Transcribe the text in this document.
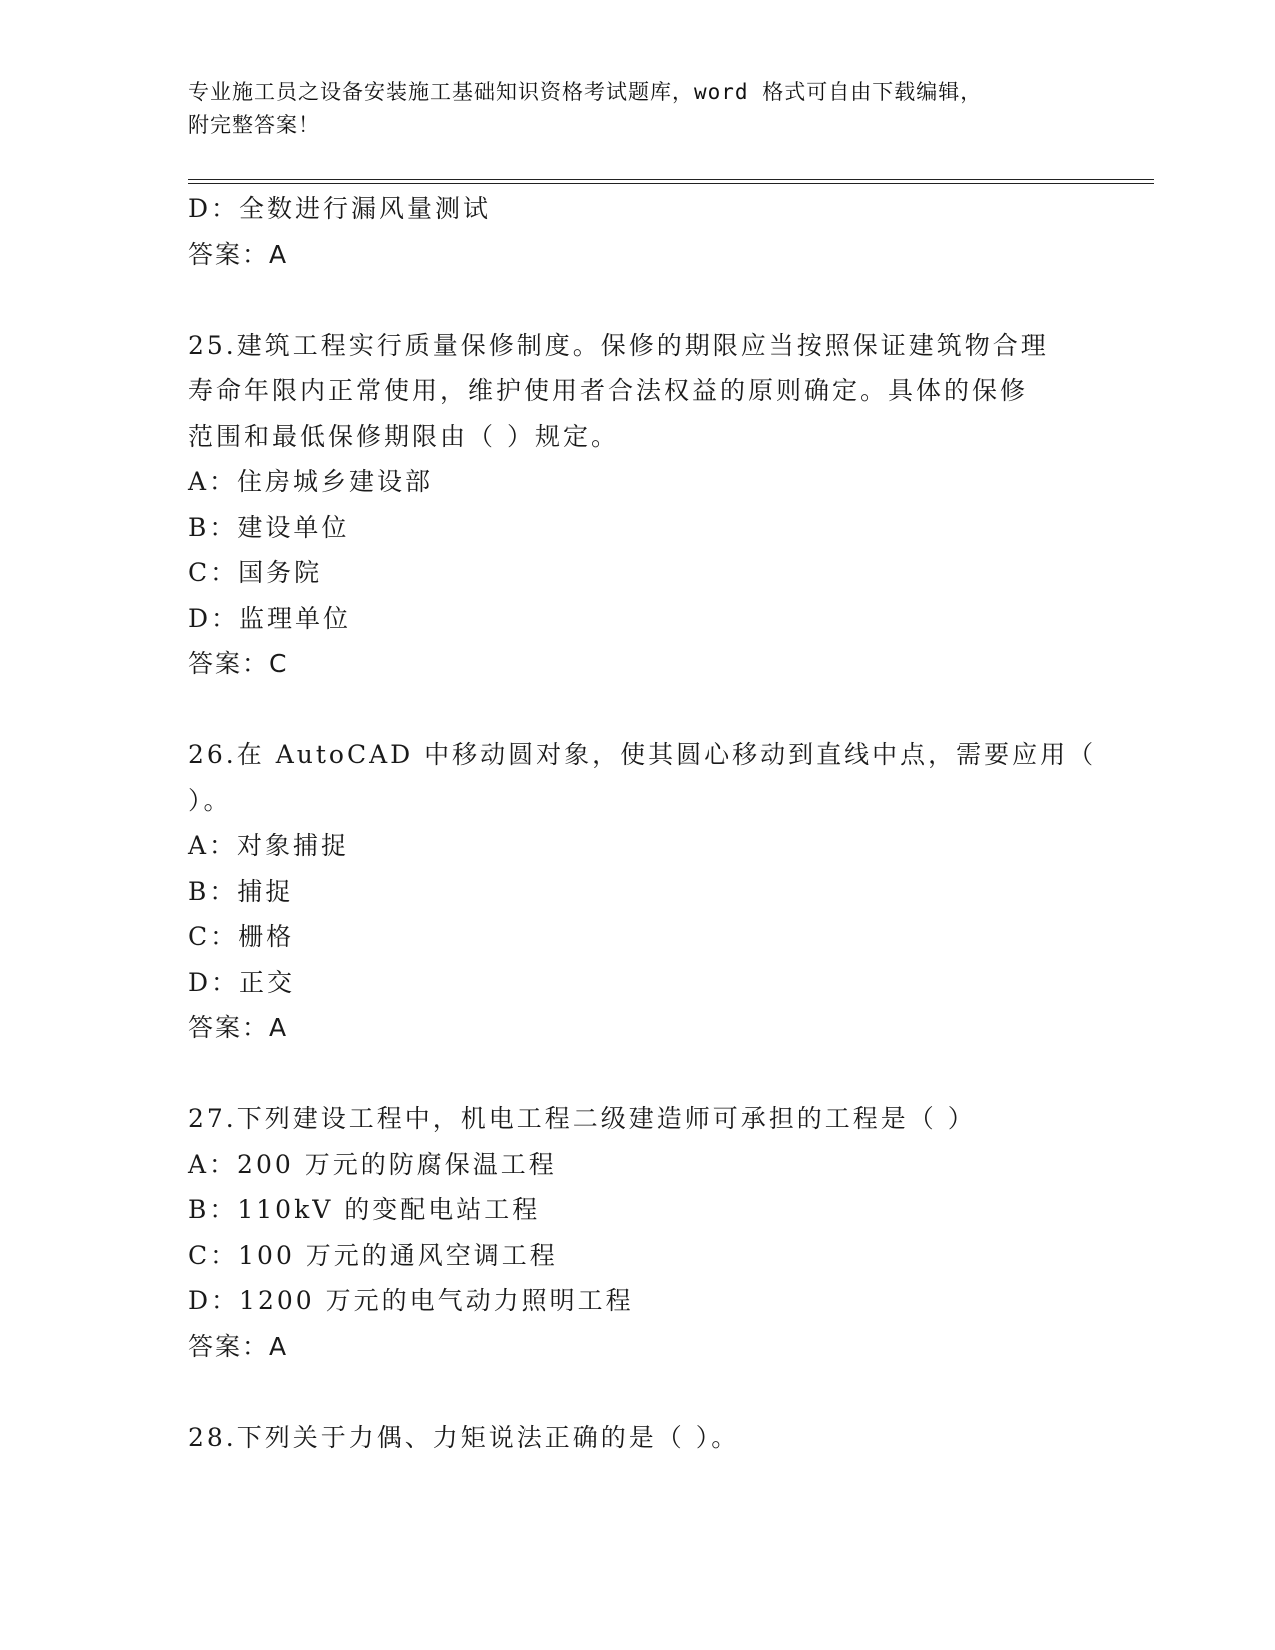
专业施工员之设备安装施工基础知识资格考试题库，word 格式可自由下载编辑，
附完整答案！
D：全数进行漏风量测试
答案：A
25.建筑工程实行质量保修制度。保修的期限应当按照保证建筑物合理
寿命年限内正常使用，维护使用者合法权益的原则确定。具体的保修
范围和最低保修期限由（ ）规定。
A：住房城乡建设部
B：建设单位
C：国务院
D：监理单位
答案：C
26.在 AutoCAD 中移动圆对象，使其圆心移动到直线中点，需要应用（
）。
A：对象捕捉
B：捕捉
C：栅格
D：正交
答案：A
27.下列建设工程中，机电工程二级建造师可承担的工程是（ ）
A：200 万元的防腐保温工程
B：110kV 的变配电站工程
C：100 万元的通风空调工程
D：1200 万元的电气动力照明工程
答案：A
28.下列关于力偶、力矩说法正确的是（ ）。
